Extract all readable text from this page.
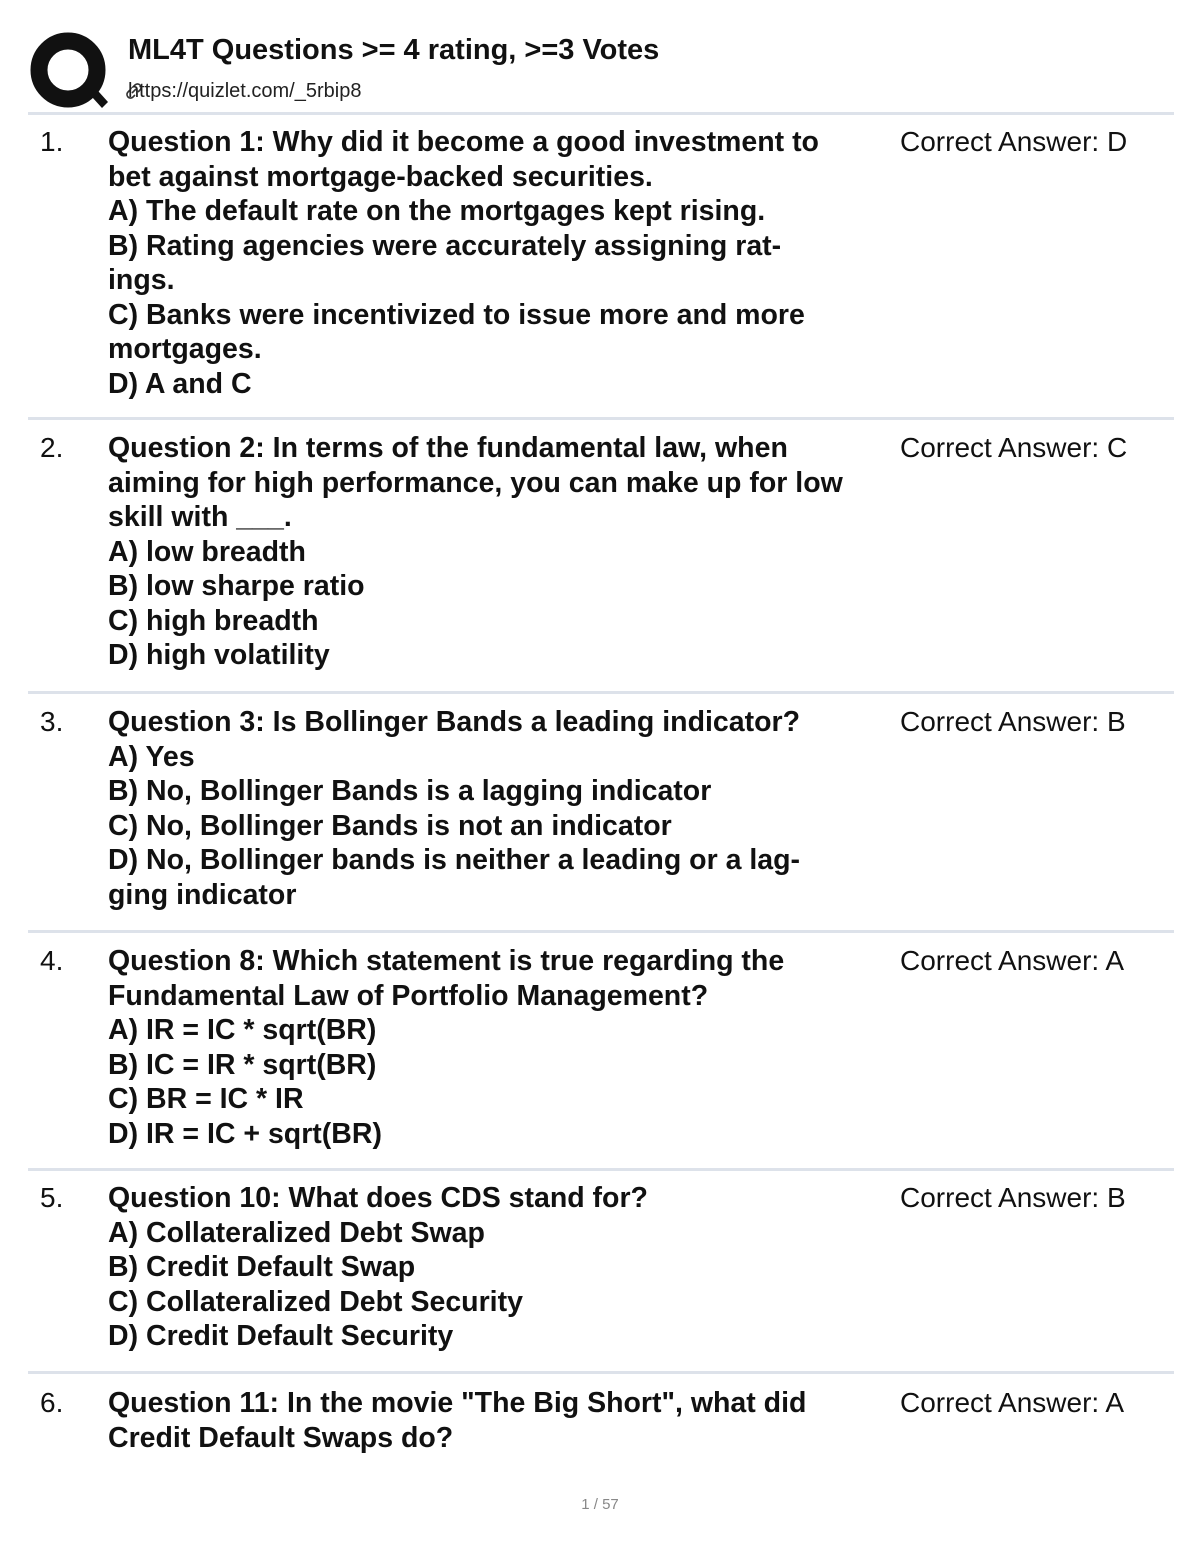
ML4T Questions >= 4 rating, >=3 Votes
https://quizlet.com/_5rbip8
1. Question 1: Why did it become a good investment to
bet against mortgage-backed securities.
A) The default rate on the mortgages kept rising.
B) Rating agencies were accurately assigning rat-
ings.
C) Banks were incentivized to issue more and more
mortgages.
D) A and C
Correct Answer: D
2. Question 2: In terms of the fundamental law, when
aiming for high performance, you can make up for low
skill with ___.
A) low breadth
B) low sharpe ratio
C) high breadth
D) high volatility
Correct Answer: C
3. Question 3: Is Bollinger Bands a leading indicator?
A) Yes
B) No, Bollinger Bands is a lagging indicator
C) No, Bollinger Bands is not an indicator
D) No, Bollinger bands is neither a leading or a lag-
ging indicator
Correct Answer: B
4. Question 8: Which statement is true regarding the
Fundamental Law of Portfolio Management?
A) IR = IC * sqrt(BR)
B) IC = IR * sqrt(BR)
C) BR = IC * IR
D) IR = IC + sqrt(BR)
Correct Answer: A
5. Question 10: What does CDS stand for?
A) Collateralized Debt Swap
B) Credit Default Swap
C) Collateralized Debt Security
D) Credit Default Security
Correct Answer: B
6. Question 11: In the movie "The Big Short", what did
Credit Default Swaps do?
Correct Answer: A
1 / 57
